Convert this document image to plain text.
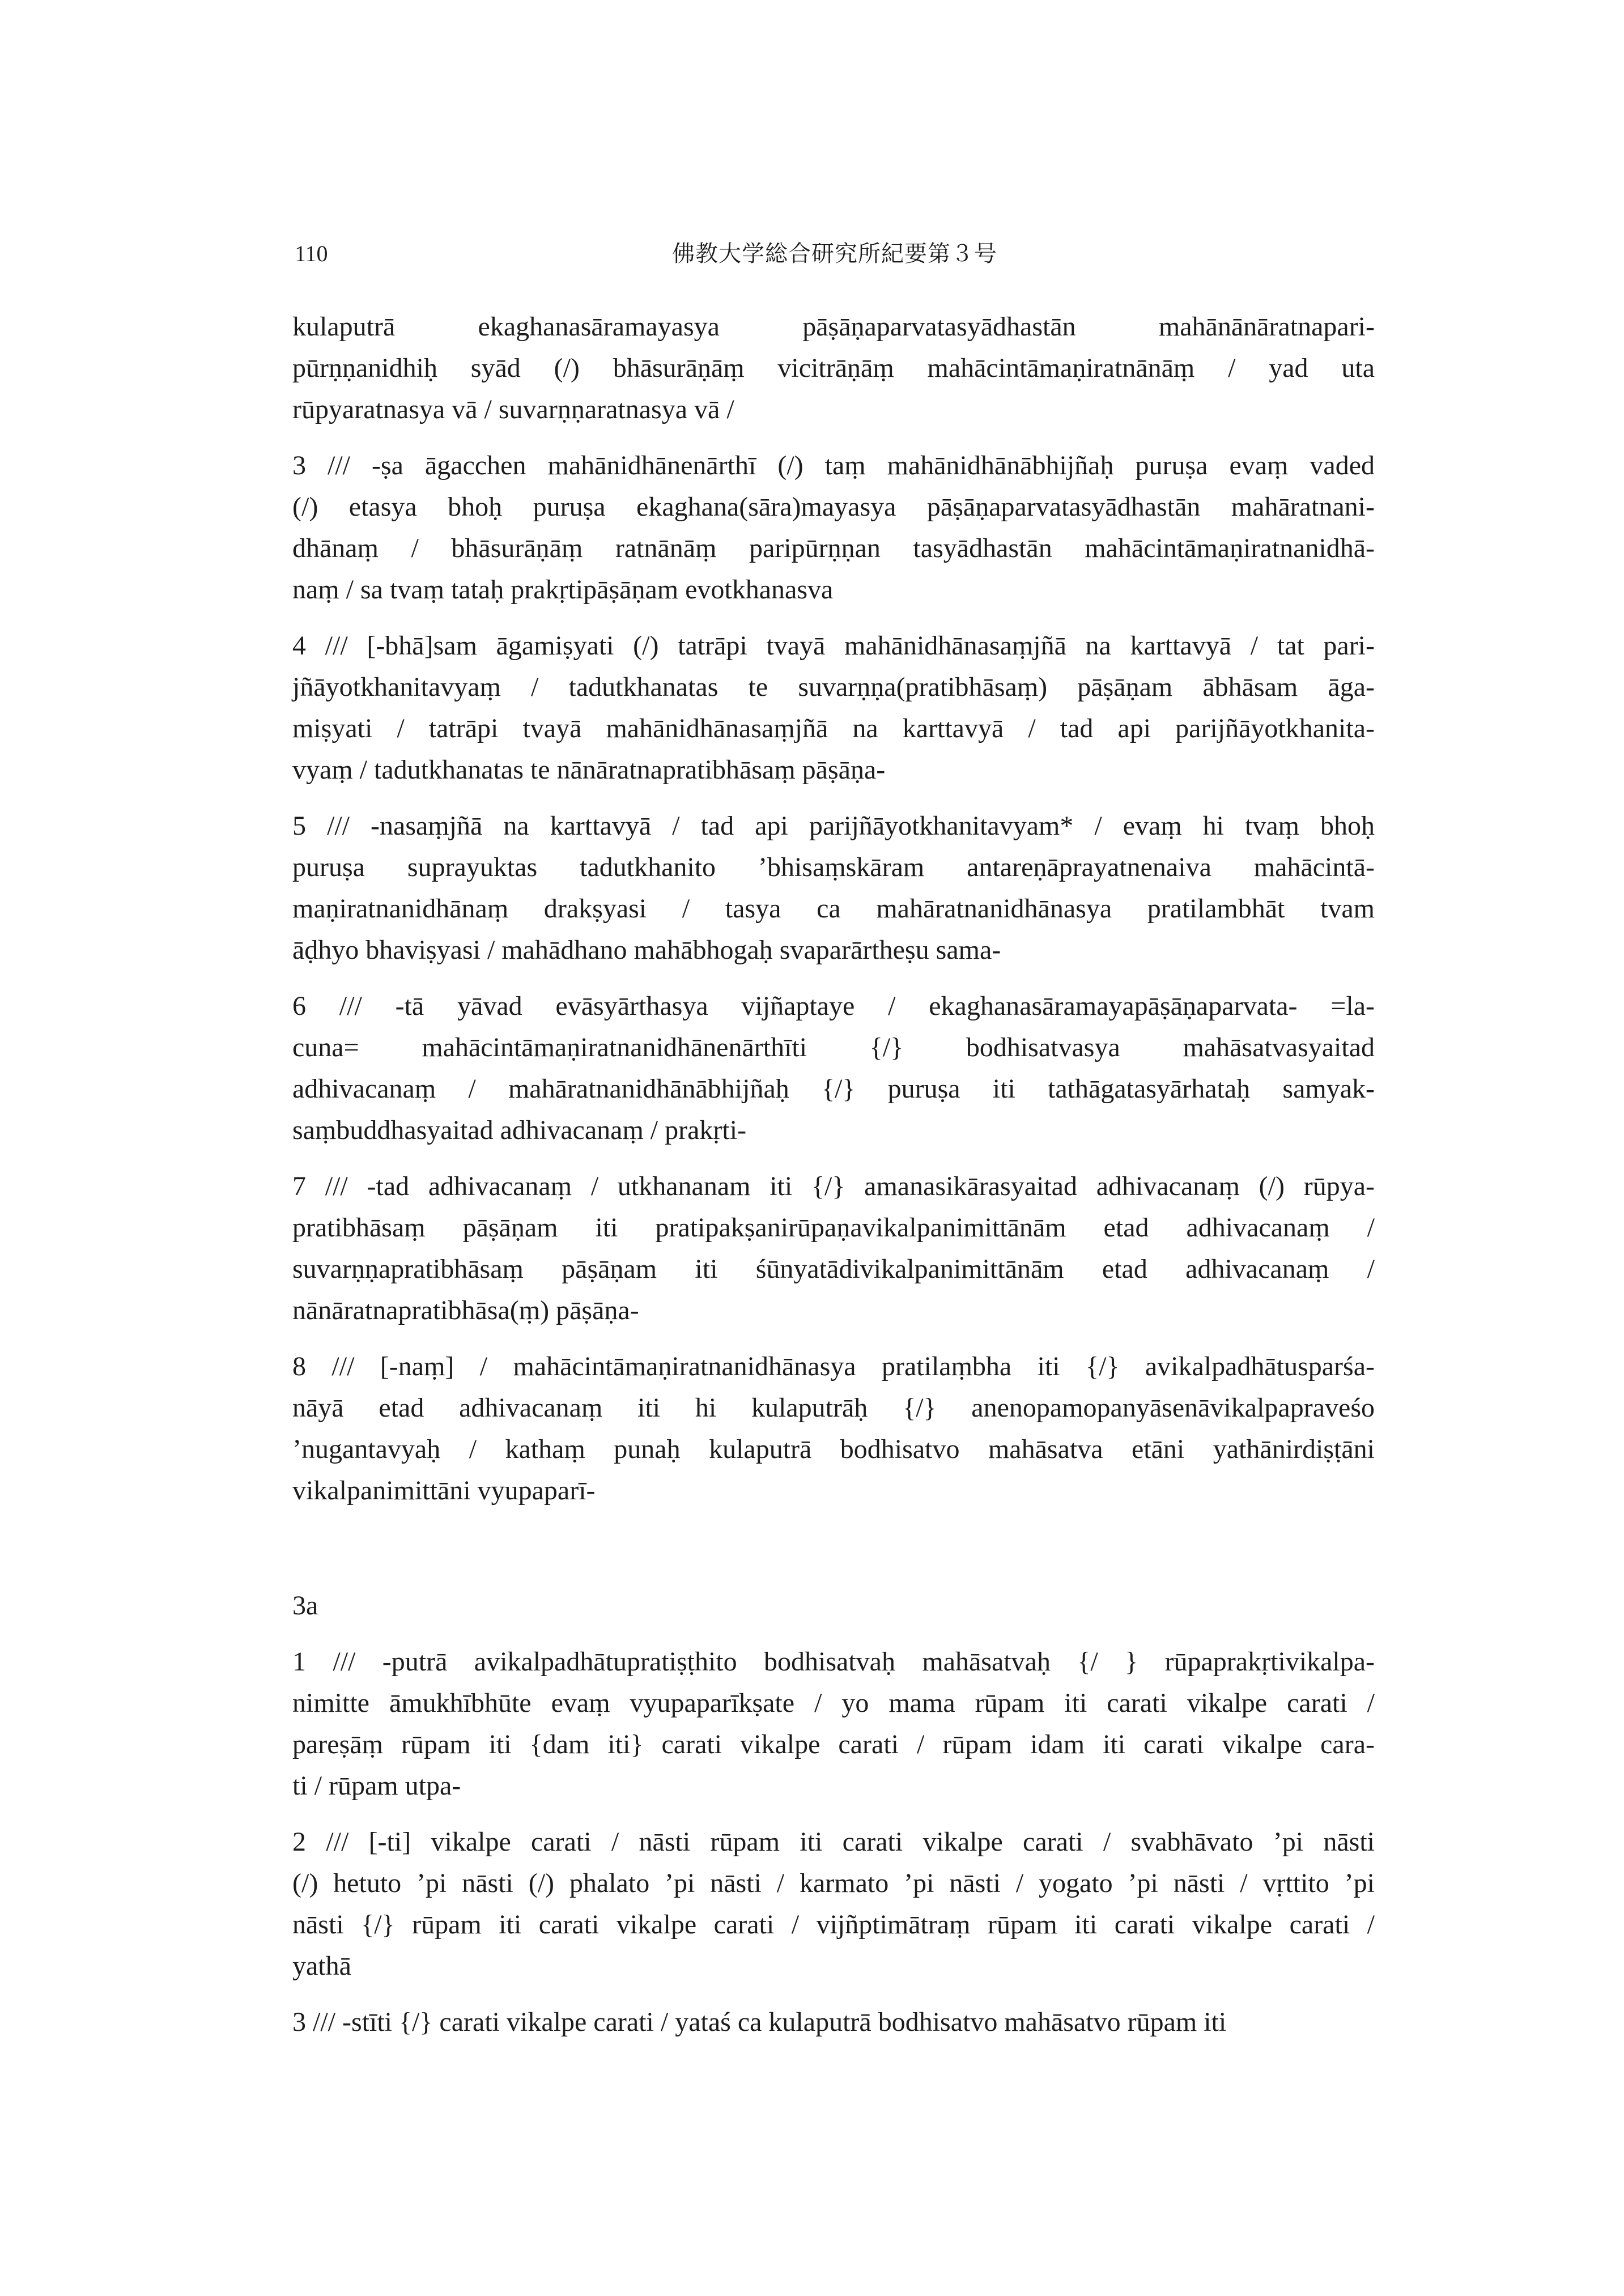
110	佛教大学総合研究所紀要第３号
kulaputrā ekaghanasāramayasya pāṣāṇaparvatasyādhastān mahānānāratnapari-
pūrṇṇanidhiḥ syād (/) bhāsurāṇāṃ vicitrāṇāṃ mahācintāmaṇiratnānāṃ / yad uta
rūpyaratnasya vā / suvarṇṇaratnasya vā /
3 /// -ṣa āgacchen mahānidhānenārthī (/) taṃ mahānidhānābhijñaḥ puruṣa evaṃ vaded
(/) etasya bhoḥ puruṣa ekaghana(sāra)mayasya pāṣāṇaparvatasyādhastān mahāratnani-
dhānaṃ / bhāsurāṇāṃ ratnānāṃ paripūrṇṇan tasyādhastān mahācintāmaṇiratnanidhā-
naṃ / sa tvaṃ tataḥ prakṛtipāṣāṇam evotkhanasva
4 /// [-bhā]sam āgamiṣyati (/) tatrāpi tvayā mahānidhānasaṃjñā na karttavyā / tat pari-
jñāyotkhanitavyaṃ / tadutkhanatas te suvarṇṇa(pratibhāsaṃ) pāṣāṇam ābhāsam āga-
miṣyati / tatrāpi tvayā mahānidhānasaṃjñā na karttavyā / tad api parijñāyotkhanita-
vyaṃ / tadutkhanatas te nānāratnapratibhāsaṃ pāṣāṇa-
5 /// -nasaṃjñā na karttavyā / tad api parijñāyotkhanitavyam* / evaṃ hi tvaṃ bhoḥ
puruṣa suprayuktas tadutkhanito ’bhisaṃskāram antareṇāprayatnenaiva mahācintā-
maṇiratnanidhānaṃ drakṣyasi / tasya ca mahāratnanidhānasya pratilambhāt tvam
āḍhyo bhaviṣyasi / mahādhano mahābhogaḥ svaparārtheṣu sama-
6 /// -tā yāvad evāsyārthasya vijñaptaye / ekaghanasāramayapāṣāṇaparvata- =la-
cuna= mahācintāmaṇiratnanidhānenārthīti {/} bodhisatvasya mahāsatvasyaitad
adhivacanaṃ / mahāratnanidhānābhijñaḥ {/} puruṣa iti tathāgatasyārhataḥ samyak-
saṃbuddhasyaitad adhivacanaṃ / prakṛti-
7 /// -tad adhivacanaṃ / utkhananam iti {/} amanasikārasyaitad adhivacanaṃ (/) rūpya-
pratibhāsaṃ pāṣāṇam iti pratipakṣanirūpaṇavikalpanimittānām etad adhivacanaṃ /
suvarṇṇapratibhāsaṃ pāṣāṇam iti śūnyatādivikalpanimittānām etad adhivacanaṃ /
nānāratnapratibhāsa(ṃ) pāṣāṇa-
8 /// [-naṃ] / mahācintāmaṇiratnanidhānasya pratilaṃbha iti {/} avikalpadhātusparśa-
nāyā etad adhivacanaṃ iti hi kulaputrāḥ {/} anenopamopanyāsenāvikalpapraveśo
’nugantavyaḥ / kathaṃ punaḥ kulaputrā bodhisatvo mahāsatva etāni yathānirdiṣṭāni
vikalpanimittāni vyupaparī-
3a
1 /// -putrā avikalpadhātupratiṣṭhito bodhisatvaḥ mahāsatvaḥ {/ } rūpaprakṛtivikalpa-
nimitte āmukhībhūte evaṃ vyupaparīkṣate / yo mama rūpam iti carati vikalpe carati /
pareṣāṃ rūpam iti {dam iti} carati vikalpe carati / rūpam idam iti carati vikalpe cara-
ti / rūpam utpa-
2 /// [-ti] vikalpe carati / nāsti rūpam iti carati vikalpe carati / svabhāvato ’pi nāsti
(/) hetuto ’pi nāsti (/) phalato ’pi nāsti / karmato ’pi nāsti / yogato ’pi nāsti / vṛttito ’pi
nāsti {/} rūpam iti carati vikalpe carati / vijñptimātraṃ rūpam iti carati vikalpe carati /
yathā
3 /// -stīti {/} carati vikalpe carati / yataś ca kulaputrā bodhisatvo mahāsatvo rūpam iti
